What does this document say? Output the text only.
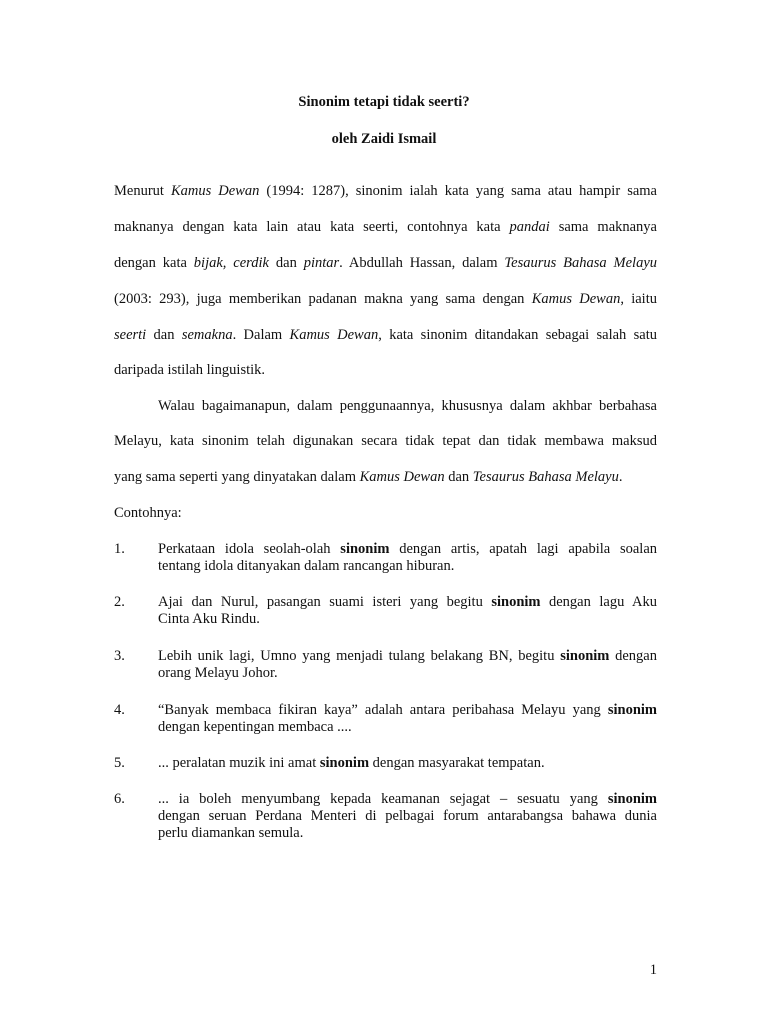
Sinonim tetapi tidak seerti?
oleh Zaidi Ismail
Menurut Kamus Dewan (1994: 1287), sinonim ialah kata yang sama atau hampir sama
maknanya dengan kata lain atau kata seerti, contohnya kata pandai sama maknanya
dengan kata bijak, cerdik dan pintar. Abdullah Hassan, dalam Tesaurus Bahasa Melayu
(2003: 293), juga memberikan padanan makna yang sama dengan Kamus Dewan, iaitu
seerti dan semakna. Dalam Kamus Dewan, kata sinonim ditandakan sebagai salah satu
daripada istilah linguistik.
Walau bagaimanapun, dalam penggunaannya, khususnya dalam akhbar berbahasa
Melayu, kata sinonim telah digunakan secara tidak tepat dan tidak membawa maksud
yang sama seperti yang dinyatakan dalam Kamus Dewan dan Tesaurus Bahasa Melayu.
Contohnya:
1. Perkataan idola seolah-olah sinonim dengan artis, apatah lagi apabila soalan
tentang idola ditanyakan dalam rancangan hiburan.
2. Ajai dan Nurul, pasangan suami isteri yang begitu sinonim dengan lagu Aku
Cinta Aku Rindu.
3. Lebih unik lagi, Umno yang menjadi tulang belakang BN, begitu sinonim dengan
orang Melayu Johor.
4. “Banyak membaca fikiran kaya” adalah antara peribahasa Melayu yang sinonim
dengan kepentingan membaca ....
5. ... peralatan muzik ini amat sinonim dengan masyarakat tempatan.
6. ... ia boleh menyumbang kepada keamanan sejagat – sesuatu yang sinonim
dengan seruan Perdana Menteri di pelbagai forum antarabangsa bahawa dunia
perlu diamankan semula.
1
